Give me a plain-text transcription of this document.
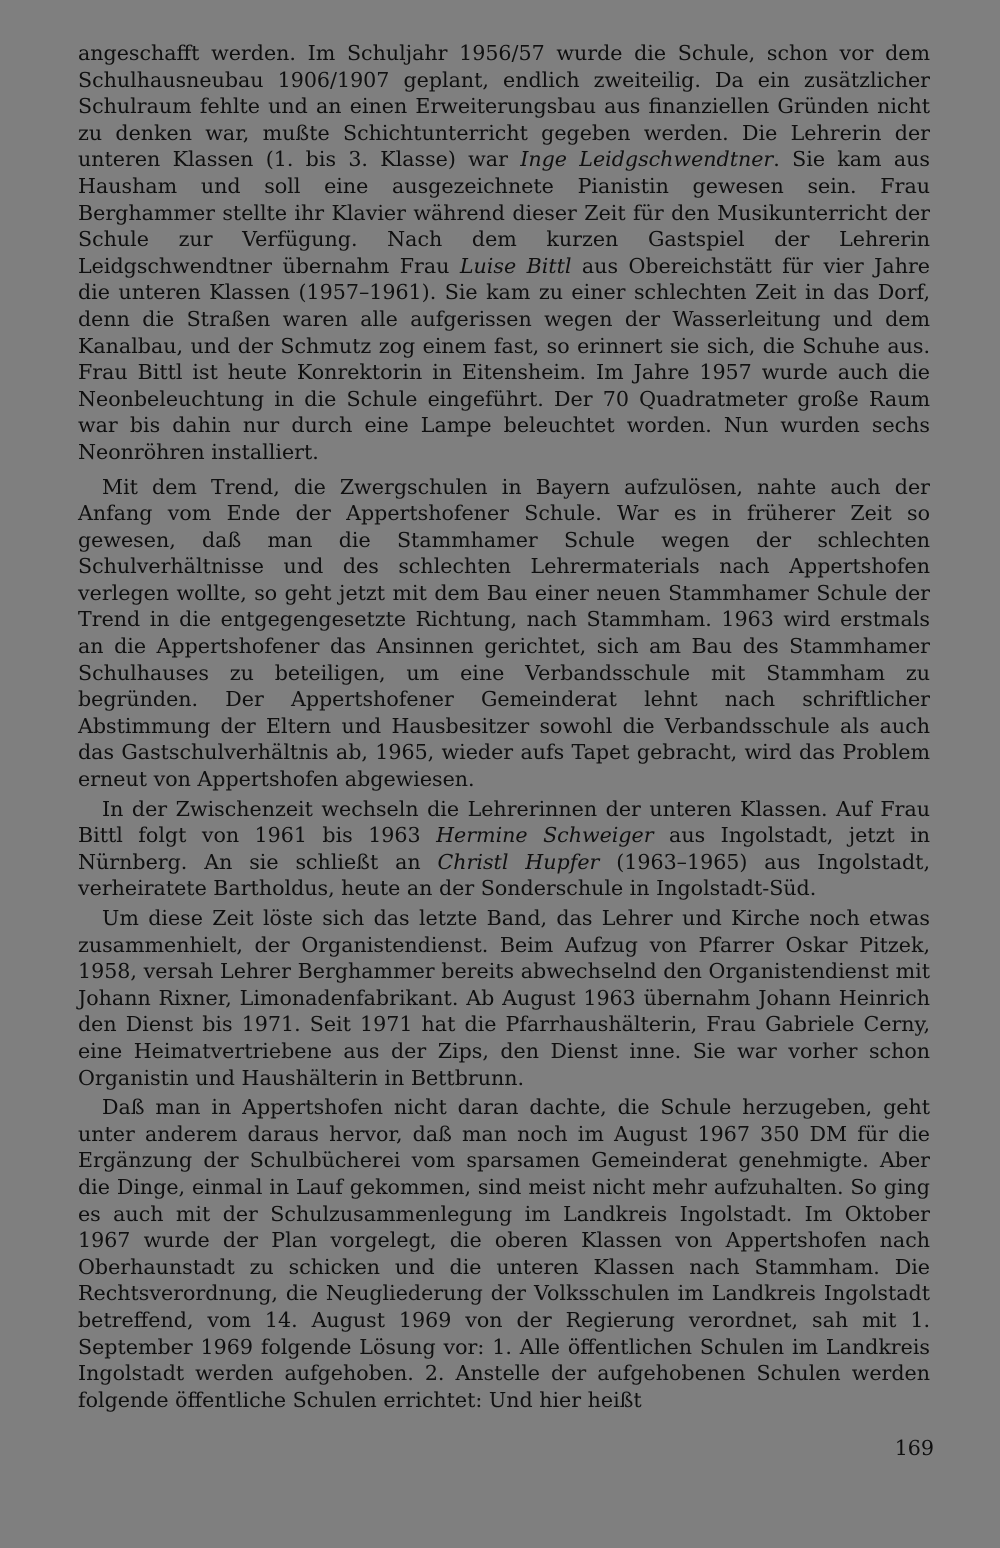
angeschafft werden. Im Schuljahr 1956/57 wurde die Schule, schon vor dem Schulhausneubau 1906/1907 geplant, endlich zweiteilig. Da ein zusätzlicher Schulraum fehlte und an einen Erweiterungsbau aus finanziellen Gründen nicht zu denken war, mußte Schichtunterricht gegeben werden. Die Lehrerin der unteren Klassen (1. bis 3. Klasse) war Inge Leidgschwendtner. Sie kam aus Hausham und soll eine ausgezeichnete Pianistin gewesen sein. Frau Berghammer stellte ihr Klavier während dieser Zeit für den Musikunterricht der Schule zur Verfügung. Nach dem kurzen Gastspiel der Lehrerin Leidgschwendtner übernahm Frau Luise Bittl aus Obereichstätt für vier Jahre die unteren Klassen (1957–1961). Sie kam zu einer schlechten Zeit in das Dorf, denn die Straßen waren alle aufgerissen wegen der Wasserleitung und dem Kanalbau, und der Schmutz zog einem fast, so erinnert sie sich, die Schuhe aus. Frau Bittl ist heute Konrektorin in Eitensheim. Im Jahre 1957 wurde auch die Neonbeleuchtung in die Schule eingeführt. Der 70 Quadratmeter große Raum war bis dahin nur durch eine Lampe beleuchtet worden. Nun wurden sechs Neonröhren installiert.

Mit dem Trend, die Zwergschulen in Bayern aufzulösen, nahte auch der Anfang vom Ende der Appertshofener Schule. War es in früherer Zeit so gewesen, daß man die Stammhamer Schule wegen der schlechten Schulverhältnisse und des schlechten Lehrermaterials nach Appertshofen verlegen wollte, so geht jetzt mit dem Bau einer neuen Stammhamer Schule der Trend in die entgegengesetzte Richtung, nach Stammham. 1963 wird erstmals an die Appertshofener das Ansinnen gerichtet, sich am Bau des Stammhamer Schulhauses zu beteiligen, um eine Verbandsschule mit Stammham zu begründen. Der Appertshofener Gemeinderat lehnt nach schriftlicher Abstimmung der Eltern und Hausbesitzer sowohl die Verbandsschule als auch das Gastschulverhältnis ab, 1965, wieder aufs Tapet gebracht, wird das Problem erneut von Appertshofen abgewiesen.

In der Zwischenzeit wechseln die Lehrerinnen der unteren Klassen. Auf Frau Bittl folgt von 1961 bis 1963 Hermine Schweiger aus Ingolstadt, jetzt in Nürnberg. An sie schließt an Christl Hupfer (1963–1965) aus Ingolstadt, verheiratete Bartholdus, heute an der Sonderschule in Ingolstadt-Süd.

Um diese Zeit löste sich das letzte Band, das Lehrer und Kirche noch etwas zusammenhielt, der Organistendienst. Beim Aufzug von Pfarrer Oskar Pitzek, 1958, versah Lehrer Berghammer bereits abwechselnd den Organistendienst mit Johann Rixner, Limonadenfabrikant. Ab August 1963 übernahm Johann Heinrich den Dienst bis 1971. Seit 1971 hat die Pfarrhaushälterin, Frau Gabriele Cerny, eine Heimatvertriebene aus der Zips, den Dienst inne. Sie war vorher schon Organistin und Haushälterin in Bettbrunn.

Daß man in Appertshofen nicht daran dachte, die Schule herzugeben, geht unter anderem daraus hervor, daß man noch im August 1967 350 DM für die Ergänzung der Schulbücherei vom sparsamen Gemeinderat genehmigte. Aber die Dinge, einmal in Lauf gekommen, sind meist nicht mehr aufzuhalten. So ging es auch mit der Schulzusammenlegung im Landkreis Ingolstadt. Im Oktober 1967 wurde der Plan vorgelegt, die oberen Klassen von Appertshofen nach Oberhaunstadt zu schicken und die unteren Klassen nach Stammham. Die Rechtsverordnung, die Neugliederung der Volksschulen im Landkreis Ingolstadt betreffend, vom 14. August 1969 von der Regierung verordnet, sah mit 1. September 1969 folgende Lösung vor: 1. Alle öffentlichen Schulen im Landkreis Ingolstadt werden aufgehoben. 2. Anstelle der aufgehobenen Schulen werden folgende öffentliche Schulen errichtet: Und hier heißt

169
